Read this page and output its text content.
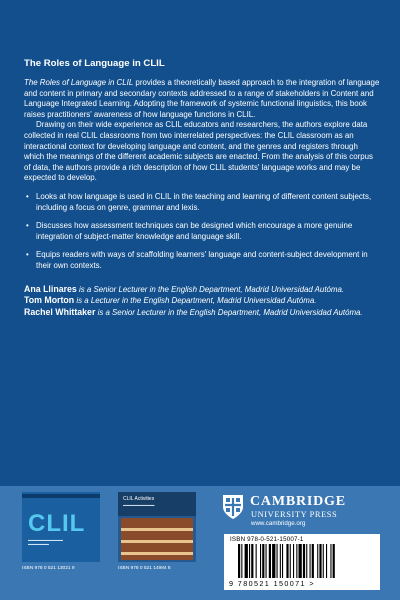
The Roles of Language in CLIL

The Roles of Language in CLIL provides a theoretically based approach to the integration of language and content in primary and secondary contexts addressed to a range of stakeholders in Content and Language Integrated Learning. Adopting the framework of systemic functional linguistics, this book raises practitioners' awareness of how language functions in CLIL.

Drawing on their wide experience as CLIL educators and researchers, the authors explore data collected in real CLIL classrooms from two interrelated perspectives: the CLIL classroom as an interactional context for developing language and content, and the genres and registers through which the meanings of the different academic subjects are enacted. From the analysis of this corpus of data, the authors provide a rich description of how CLIL students' language works and may be expected to develop.

• Looks at how language is used in CLIL in the teaching and learning of different content subjects, including a focus on genre, grammar and lexis.
• Discusses how assessment techniques can be designed which encourage a more genuine integration of subject-matter knowledge and language skill.
• Equips readers with ways of scaffolding learners' language and content-subject development in their own contexts.
Ana Llinares is a Senior Lecturer in the English Department, Madrid Universidad Autóma.
Tom Morton is a Lecturer in the English Department, Madrid Universidad Autóma.
Rachel Whittaker is a Senior Lecturer in the English Department, Madrid Universidad Autóma.
CLIL
▬▬▬▬▬▬▬▬▬▬
▬▬▬▬▬▬
ISBN 978 0 521 13021 9
CLIL Activities
▬▬▬▬▬▬▬▬▬
ISBN 978 0 521 14984 6
CAMBRIDGE
UNIVERSITY PRESS
www.cambridge.org
ISBN 978-0-521-15007-1
9 780521 150071 >
